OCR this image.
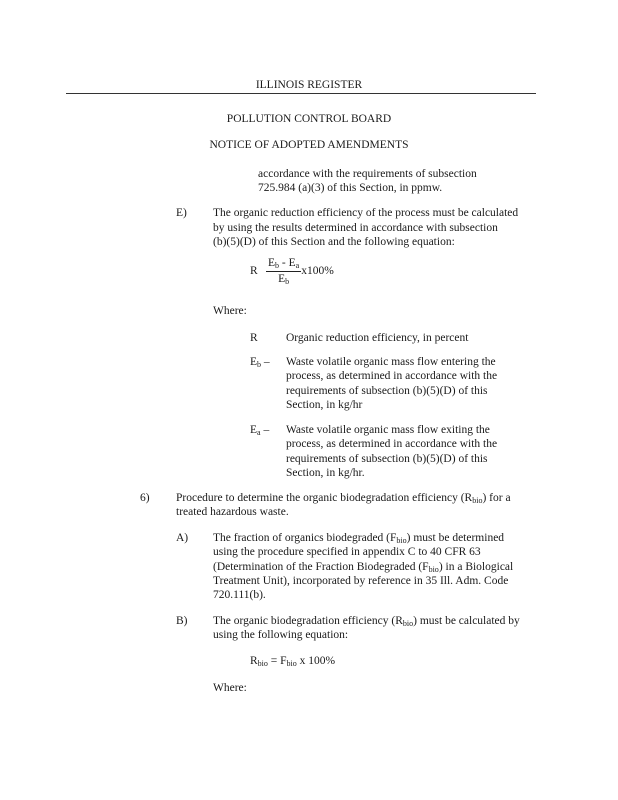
ILLINOIS REGISTER
POLLUTION CONTROL BOARD
NOTICE OF ADOPTED AMENDMENTS
accordance with the requirements of subsection
725.984 (a)(3) of this Section, in ppmw.
E) The organic reduction efficiency of the process must be calculated
by using the results determined in accordance with subsection
(b)(5)(D) of this Section and the following equation:
R $\frac{E_b - E_a}{E_b} x100\%$
Where:
R Organic reduction efficiency, in percent
$E_b$ – Waste volatile organic mass flow entering the
process, as determined in accordance with the
requirements of subsection (b)(5)(D) of this
Section, in kg/hr
$E_a$ – Waste volatile organic mass flow exiting the
process, as determined in accordance with the
requirements of subsection (b)(5)(D) of this
Section, in kg/hr.
6) Procedure to determine the organic biodegradation efficiency $(R_{bio})$ for a
treated hazardous waste.
A) The fraction of organics biodegraded $(F_{bio})$ must be determined
using the procedure specified in appendix C to 40 CFR 63
(Determination of the Fraction Biodegraded $(F_{bio})$ in a Biological
Treatment Unit), incorporated by reference in 35 Ill. Adm. Code
720.111(b).
B) The organic biodegradation efficiency $(R_{bio})$ must be calculated by
using the following equation:
$R_{bio} = F_{bio}$ x 100%
Where:
